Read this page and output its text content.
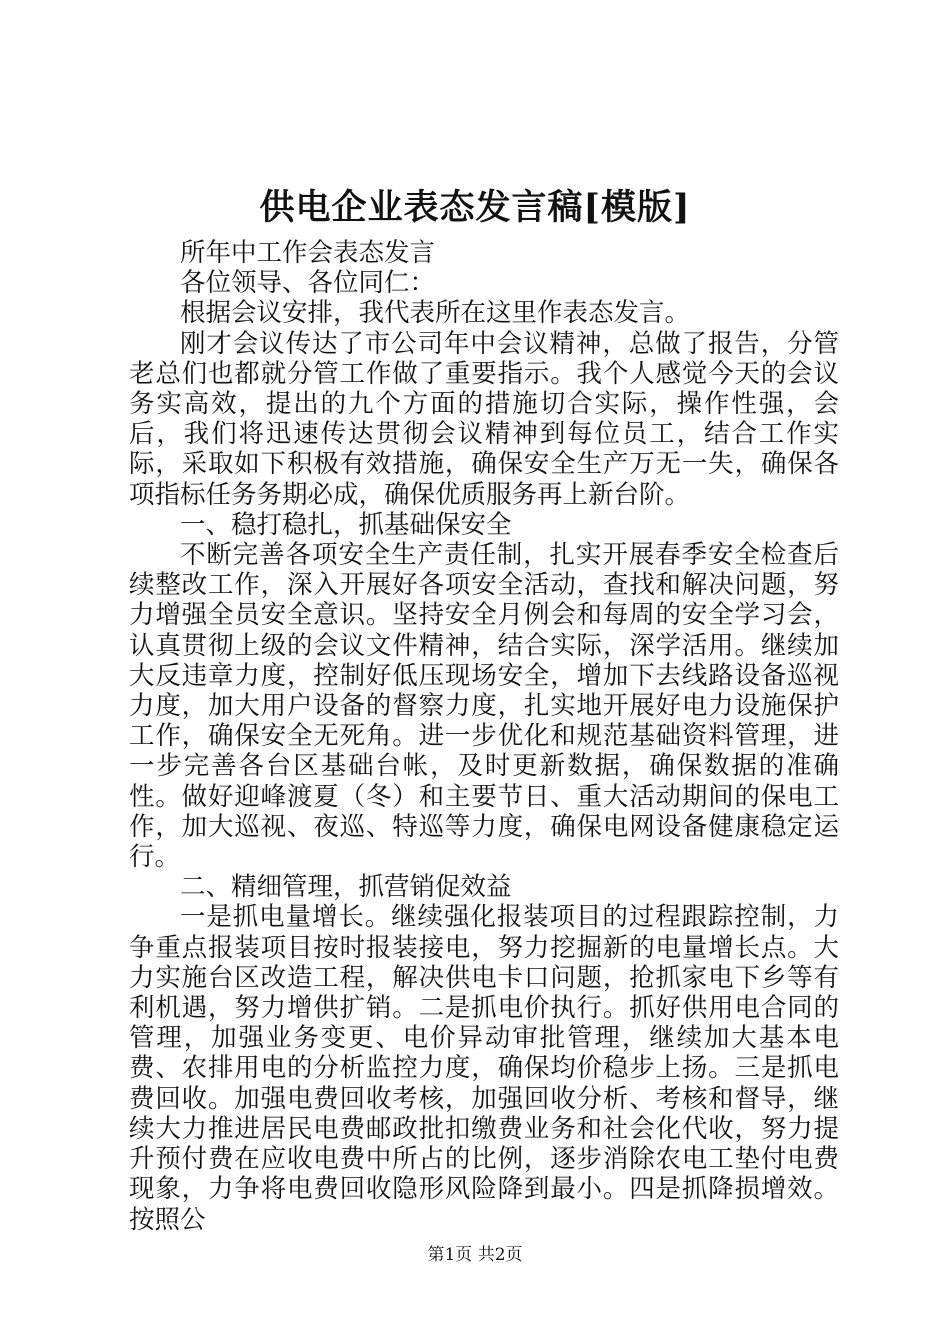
供电企业表态发言稿[模版]

所年中工作会表态发言

各位领导、各位同仁：

根据会议安排，我代表所在这里作表态发言。

刚才会议传达了市公司年中会议精神，总做了报告，分管老总们也都就分管工作做了重要指示。我个人感觉今天的会议务实高效，提出的九个方面的措施切合实际，操作性强，会后，我们将迅速传达贯彻会议精神到每位员工，结合工作实际，采取如下积极有效措施，确保安全生产万无一失，确保各项指标任务务期必成，确保优质服务再上新台阶。

一、稳打稳扎，抓基础保安全

不断完善各项安全生产责任制，扎实开展春季安全检查后续整改工作，深入开展好各项安全活动，查找和解决问题，努力增强全员安全意识。坚持安全月例会和每周的安全学习会，认真贯彻上级的会议文件精神，结合实际，深学活用。继续加大反违章力度，控制好低压现场安全，增加下去线路设备巡视力度，加大用户设备的督察力度，扎实地开展好电力设施保护工作，确保安全无死角。进一步优化和规范基础资料管理，进一步完善各台区基础台帐，及时更新数据，确保数据的准确性。做好迎峰渡夏（冬）和主要节日、重大活动期间的保电工作，加大巡视、夜巡、特巡等力度，确保电网设备健康稳定运行。

二、精细管理，抓营销促效益

一是抓电量增长。继续强化报装项目的过程跟踪控制，力争重点报装项目按时报装接电，努力挖掘新的电量增长点。大力实施台区改造工程，解决供电卡口问题，抢抓家电下乡等有利机遇，努力增供扩销。二是抓电价执行。抓好供用电合同的管理，加强业务变更、电价异动审批管理，继续加大基本电费、农排用电的分析监控力度，确保均价稳步上扬。三是抓电费回收。加强电费回收考核，加强回收分析、考核和督导，继续大力推进居民电费邮政批扣缴费业务和社会化代收，努力提升预付费在应收电费中所占的比例，逐步消除农电工垫付电费现象，力争将电费回收隐形风险降到最小。四是抓降损增效。按照公

第1页 共2页
